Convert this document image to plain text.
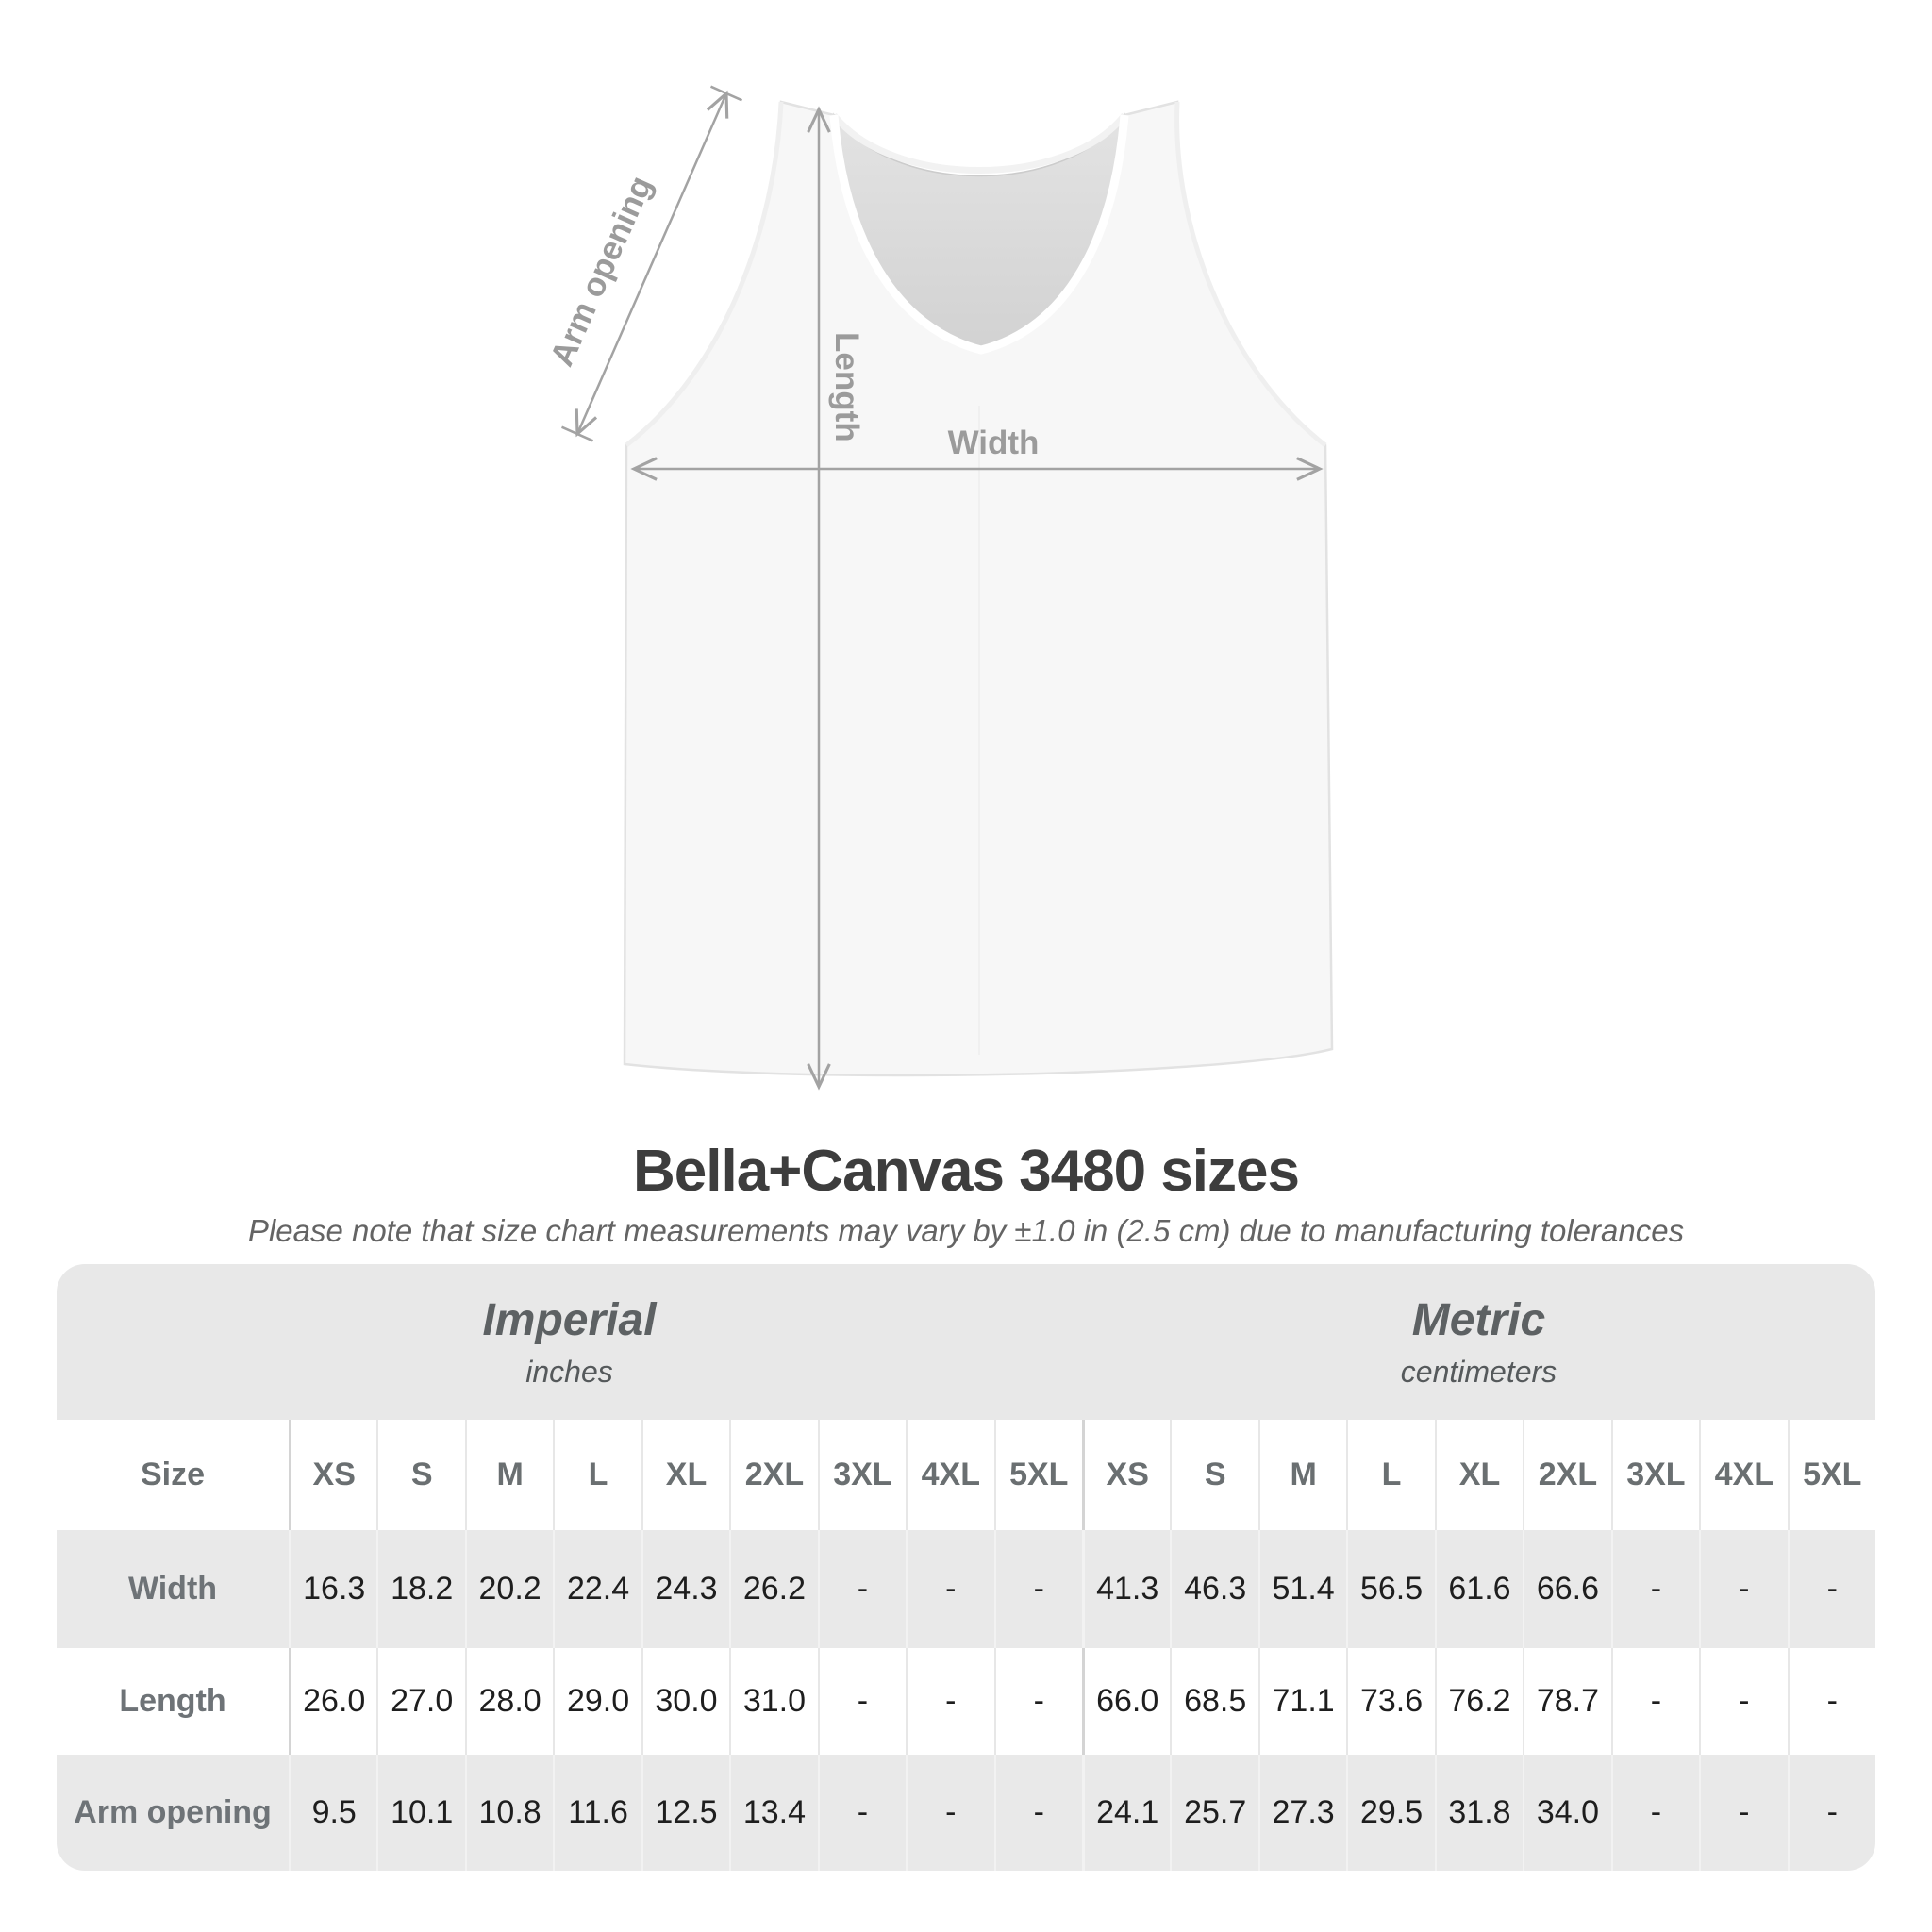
Arm opening
Length
Width
Bella+Canvas 3480 sizes
Please note that size chart measurements may vary by ±1.0 in (2.5 cm) due to manufacturing tolerances
Imperial
inches
Metric
centimeters
Size	XS	S	M	L	XL	2XL 3XL 4XL 5XL	XS	S	M	L	XL	2XL 3XL 4XL 5XL
Width	16.3 18.2 20.2 22.4 24.3 26.2	-	-	-	41.3 46.3 51.4 56.5 61.6 66.6	-	-	-
Length	26.0 27.0 28.0 29.0 30.0 31.0	-	-	-	66.0 68.5 71.1 73.6 76.2 78.7	-	-	-
Arm opening	9.5	10.1 10.8 11.6 12.5 13.4	-	-	-	24.1 25.7 27.3 29.5 31.8 34.0	-	-	-
